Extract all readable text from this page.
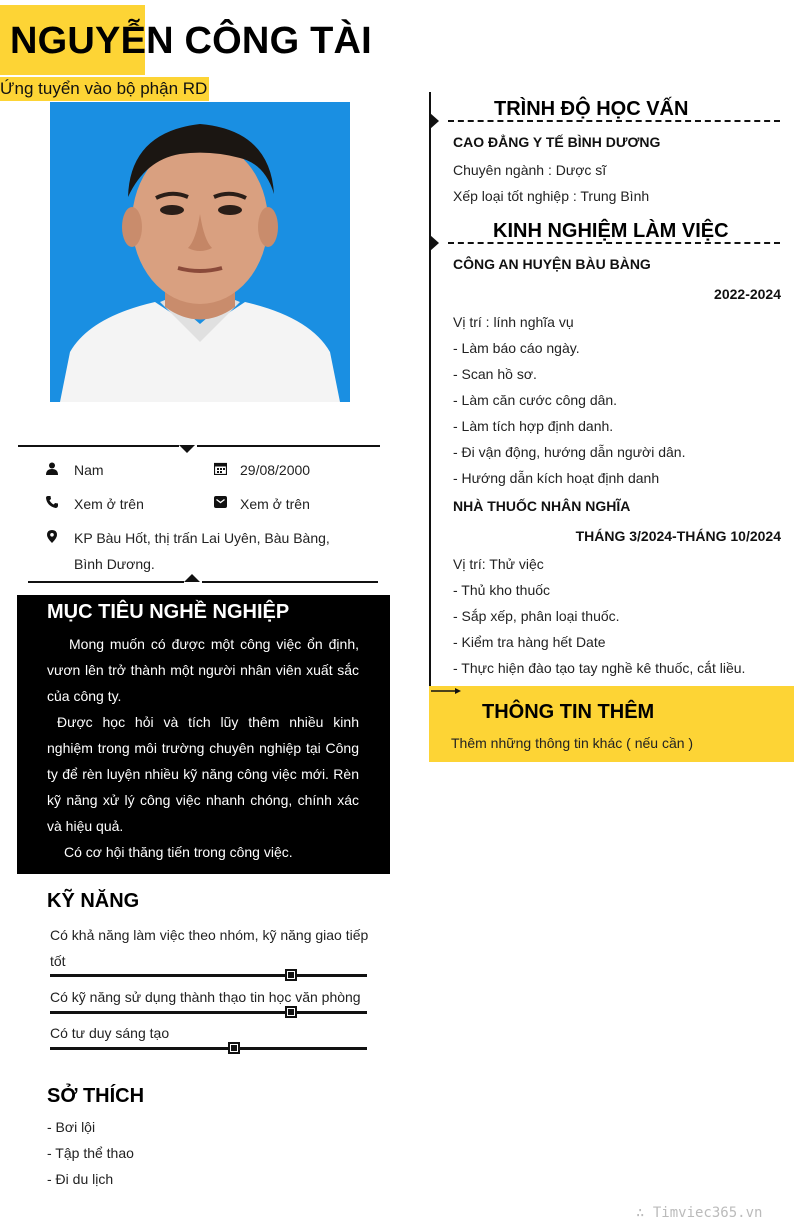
NGUYỄN CÔNG TÀI
Ứng tuyển vào bộ phận RD
Nam	29/08/2000
Xem ở trên	Xem ở trên
KP Bàu Hốt, thị trấn Lai Uyên, Bàu Bàng,
Bình Dương.
MỤC TIÊU NGHỀ NGHIỆP

Mong muốn có được một công việc ổn định, vươn lên trở thành một người nhân viên xuất sắc của công ty.

Được học hỏi và tích lũy thêm nhiều kinh nghiệm trong môi trường chuyên nghiệp tại Công ty để rèn luyện nhiều kỹ năng công việc mới. Rèn kỹ năng xử lý công việc nhanh chóng, chính xác và hiệu quả.

Có cơ hội thăng tiến trong công việc.

KỸ NĂNG
Có khả năng làm việc theo nhóm, kỹ năng giao tiếp tốt
Có kỹ năng sử dụng thành thạo tin học văn phòng
Có tư duy sáng tạo
SỞ THÍCH
- Bơi lội
- Tập thể thao
- Đi du lịch
TRÌNH ĐỘ HỌC VẤN
CAO ĐẲNG Y TẾ BÌNH DƯƠNG
Chuyên ngành : Dược sĩ
Xếp loại tốt nghiệp : Trung Bình
KINH NGHIỆM LÀM VIỆC
CÔNG AN HUYỆN BÀU BÀNG
2022-2024
Vị trí : lính nghĩa vụ
- Làm báo cáo ngày.
- Scan hồ sơ.
- Làm căn cước công dân.
- Làm tích hợp định danh.
- Đi vận động, hướng dẫn người dân.
- Hướng dẫn kích hoạt định danh
NHÀ THUỐC NHÂN NGHĨA
THÁNG 3/2024-THÁNG 10/2024
Vị trí: Thử việc
- Thủ kho thuốc
- Sắp xếp, phân loại thuốc.
- Kiểm tra hàng hết Date
- Thực hiện đào tạo tay nghề kê thuốc, cắt liều.
THÔNG TIN THÊM
Thêm những thông tin khác ( nếu cần )
∴ Timviec365.vn
